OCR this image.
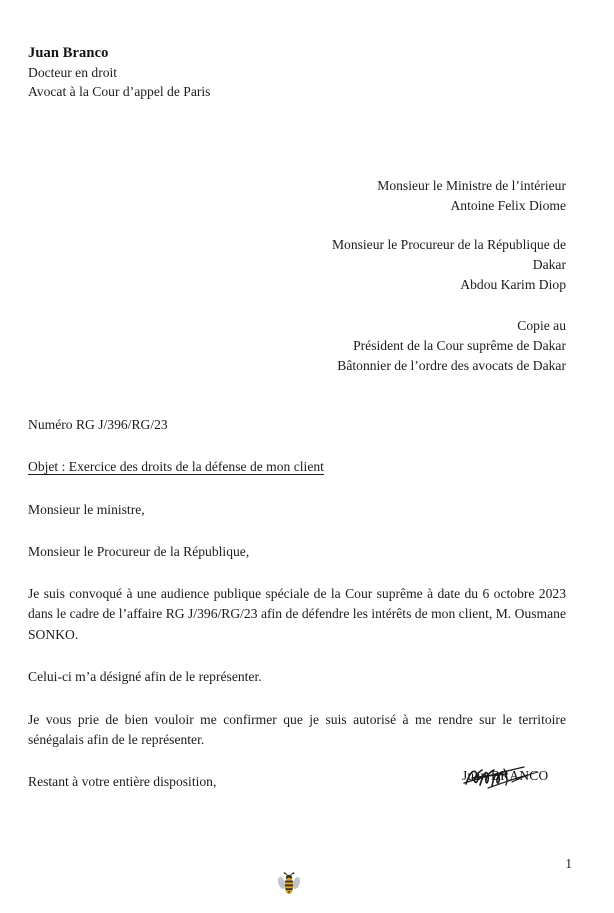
Juan Branco
Docteur en droit
Avocat à la Cour d’appel de Paris
Monsieur le Ministre de l’intérieur
Antoine Felix Diome
Monsieur le Procureur de la République de
Dakar
Abdou Karim Diop
Copie au
Président de la Cour suprême de Dakar
Bâtonnier de l’ordre des avocats de Dakar
Numéro RG J/396/RG/23
Objet : Exercice des droits de la défense de mon client
Monsieur le ministre,
Monsieur le Procureur de la République,
Je suis convoqué à une audience publique spéciale de la Cour suprême à date du 6 octobre 2023 dans le cadre de l’affaire RG J/396/RG/23 afin de défendre les intérêts de mon client, M. Ousmane SONKO.
Celui-ci m’a désigné afin de le représenter.
Je vous prie de bien vouloir me confirmer que je suis autorisé à me rendre sur le territoire sénégalais afin de le représenter.
Restant à votre entière disposition,	Juan BRANCO
1
